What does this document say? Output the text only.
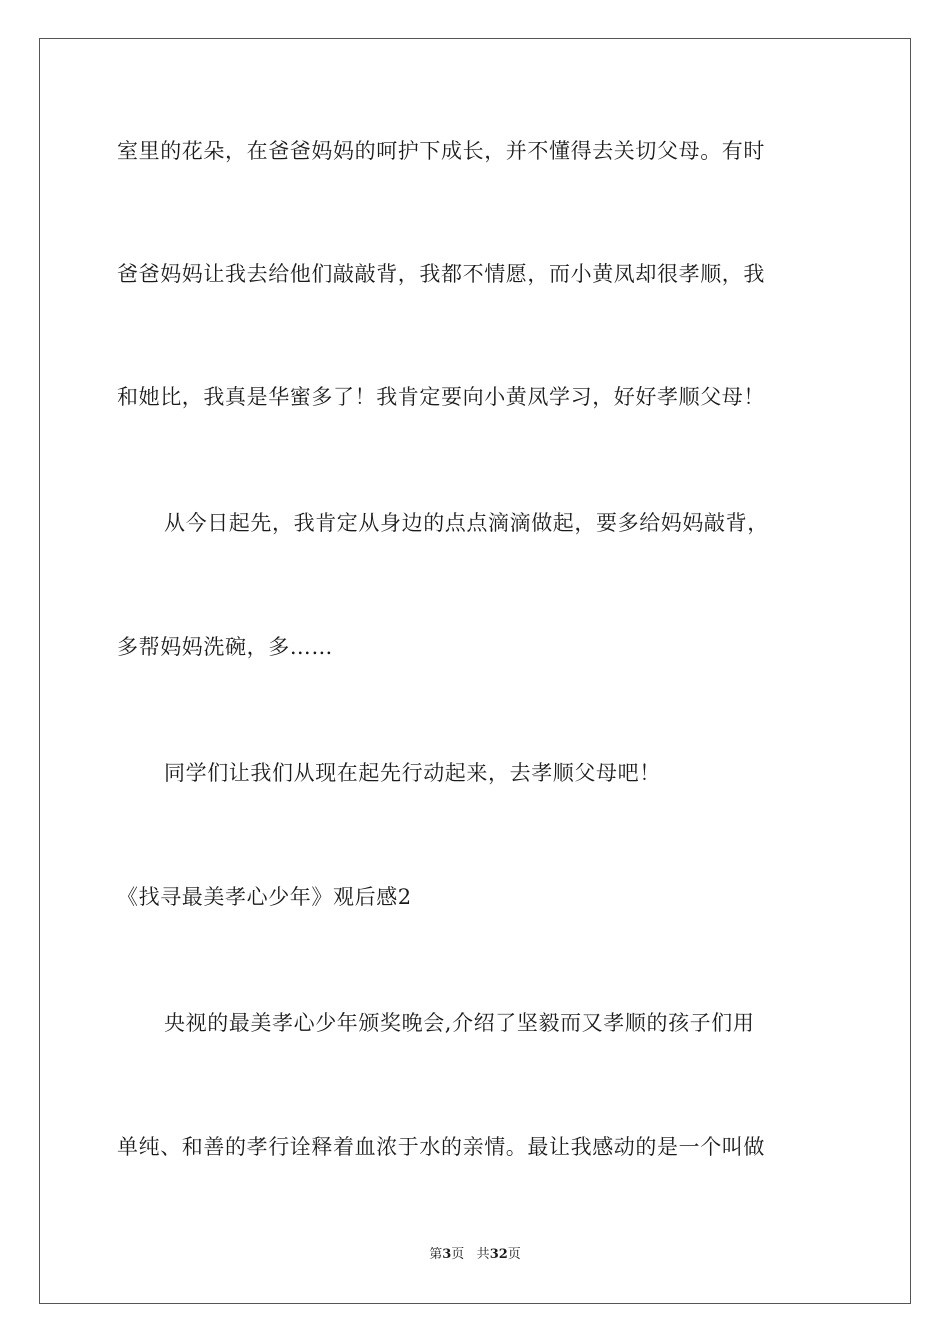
室里的花朵，在爸爸妈妈的呵护下成长，并不懂得去关切父母。有时
爸爸妈妈让我去给他们敲敲背，我都不情愿，而小黄凤却很孝顺，我
和她比，我真是华蜜多了！我肯定要向小黄凤学习，好好孝顺父母！
从今日起先，我肯定从身边的点点滴滴做起，要多给妈妈敲背，
多帮妈妈洗碗，多……
同学们让我们从现在起先行动起来，去孝顺父母吧！
《找寻最美孝心少年》观后感2
央视的最美孝心少年颁奖晚会,介绍了坚毅而又孝顺的孩子们用
单纯、和善的孝行诠释着血浓于水的亲情。最让我感动的是一个叫做
第3页 共32页
